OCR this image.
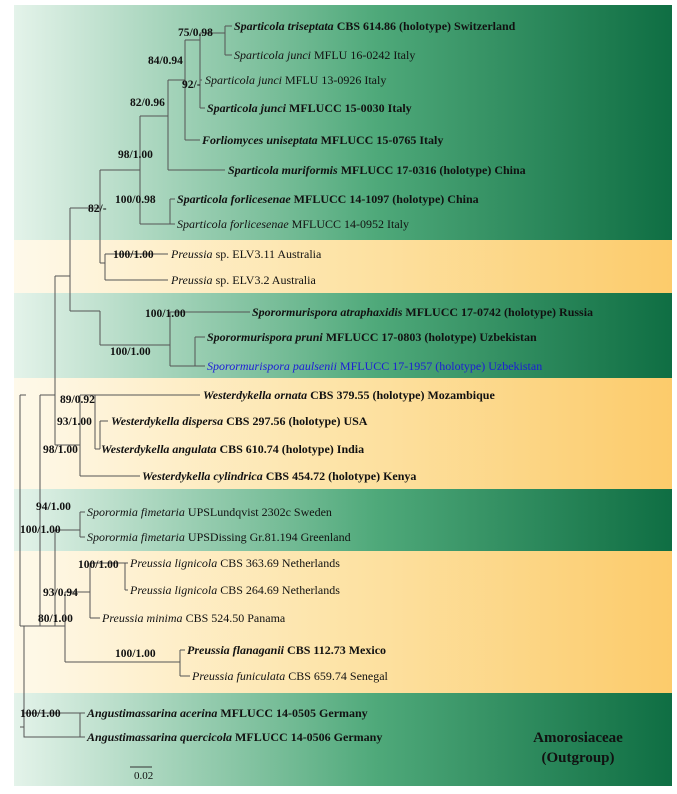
0.02
75/0.98
84/0.94
92/-
82/0.96
98/1.00
100/0.98
82/-
100/1.00
100/1.00
100/1.00
89/0.92
93/1.00
98/1.00
94/1.00
100/1.00
100/1.00
93/0.94
80/1.00
100/1.00
100/1.00
Sparticola triseptata CBS 614.86 (holotype) Switzerland
Sparticola junci MFLU 16-0242 Italy
Sparticola junci MFLU 13-0926 Italy
Sparticola junci MFLUCC 15-0030 Italy
Forliomyces uniseptata MFLUCC 15-0765 Italy
Sparticola muriformis MFLUCC 17-0316 (holotype) China
Sparticola forlicesenae MFLUCC 14-1097 (holotype) China
Sparticola forlicesenae MFLUCC 14-0952 Italy
Preussia sp. ELV3.11 Australia
Preussia sp. ELV3.2 Australia
Sporormurispora atraphaxidis MFLUCC 17-0742 (holotype) Russia
Sporormurispora pruni MFLUCC 17-0803 (holotype) Uzbekistan
Sporormurispora paulsenii MFLUCC 17-1957 (holotype) Uzbekistan
Westerdykella ornata CBS 379.55 (holotype) Mozambique
Westerdykella dispersa CBS 297.56 (holotype) USA
Westerdykella angulata CBS 610.74 (holotype) India
Westerdykella cylindrica CBS 454.72 (holotype) Kenya
Sporormia fimetaria UPSLundqvist 2302c Sweden
Sporormia fimetaria UPSDissing Gr.81.194 Greenland
Preussia lignicola CBS 363.69 Netherlands
Preussia lignicola CBS 264.69 Netherlands
Preussia minima CBS 524.50 Panama
Preussia flanaganii CBS 112.73 Mexico
Preussia funiculata CBS 659.74 Senegal
Angustimassarina acerina MFLUCC 14-0505 Germany
Angustimassarina quercicola MFLUCC 14-0506 Germany	Amorosiaceae
(Outgroup)
